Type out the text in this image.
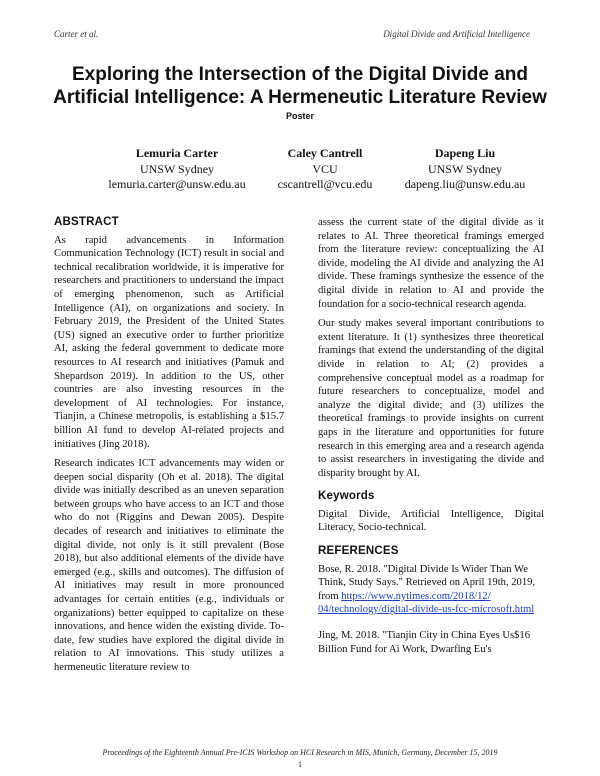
Carter et al.	Digital Divide and Artificial Intelligence
Exploring the Intersection of the Digital Divide and
Artificial Intelligence: A Hermeneutic Literature Review
Poster
Lemuria Carter
UNSW Sydney
lemuria.carter@unsw.edu.au
Caley Cantrell
VCU
cscantrell@vcu.edu
Dapeng Liu
UNSW Sydney
dapeng.liu@unsw.edu.au
ABSTRACT

As rapid advancements in Information Communication Technology (ICT) result in social and technical recalibration worldwide, it is imperative for researchers and practitioners to understand the impact of emerging phenomenon, such as Artificial Intelligence (AI), on organizations and society. In February 2019, the President of the United States (US) signed an executive order to further prioritize AI, asking the federal government to dedicate more resources to AI research and initiatives (Pamuk and Shepardson 2019). In addition to the US, other countries are also investing resources in the development of AI technologies. For instance, Tianjin, a Chinese metropolis, is establishing a $15.7 billion AI fund to develop AI-related projects and initiatives (Jing 2018).

Research indicates ICT advancements may widen or deepen social disparity (Oh et al. 2018). The digital divide was initially described as an uneven separation between groups who have access to an ICT and those who do not (Riggins and Dewan 2005). Despite decades of research and initiatives to eliminate the digital divide, not only is it still prevalent (Bose 2018), but also additional elements of the divide have emerged (e.g., skills and outcomes). The diffusion of AI initiatives may result in more pronounced advantages for certain entities (e.g., individuals or organizations) better equipped to capitalize on these innovations, and hence widen the existing divide. To-date, few studies have explored the digital divide in relation to AI innovations. This study utilizes a hermeneutic literature review to

assess the current state of the digital divide as it relates to AI. Three theoretical framings emerged from the literature review: conceptualizing the AI divide, modeling the AI divide and analyzing the AI divide. These framings synthesize the essence of the digital divide in relation to AI and provide the foundation for a socio-technical research agenda.

Our study makes several important contributions to extent literature. It (1) synthesizes three theoretical framings that extend the understanding of the digital divide in relation to AI; (2) provides a comprehensive conceptual model as a roadmap for future researchers to conceptualize, model and analyze the digital divide; and (3) utilizes the theoretical framings to provide insights on current gaps in the literature and opportunities for future research in this emerging area and a research agenda to assist researchers in investigating the divide and disparity brought by AI.

Keywords

Digital Divide, Artificial Intelligence, Digital Literacy, Socio-technical.

REFERENCES

Bose, R. 2018. "Digital Divide Is Wider Than We Think, Study Says." Retrieved on April 19th, 2019, from https://www.nytimes.com/2018/12/
04/technology/digital-divide-us-fcc-microsoft.html

Jing, M. 2018. "Tianjin City in China Eyes Us$16 Billion Fund for Ai Work, Dwarfing Eu's

Proceedings of the Eighteenth Annual Pre-ICIS Workshop on HCI Research in MIS, Munich, Germany, December 15, 2019
1
